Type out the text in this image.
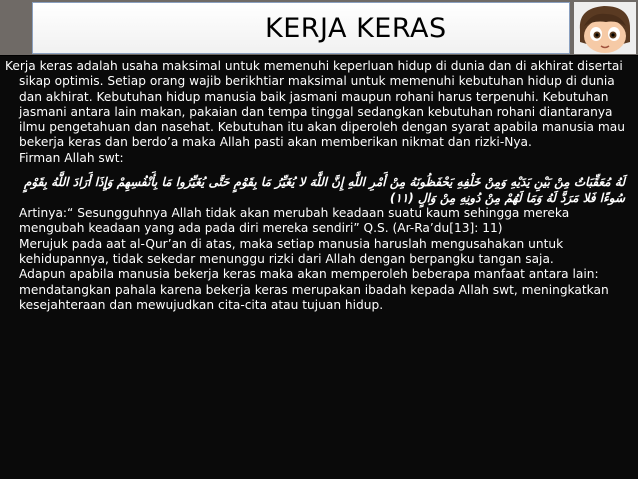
KERJA KERAS

Kerja keras adalah usaha maksimal untuk memenuhi keperluan hidup di dunia dan di akhirat disertai sikap optimis. Setiap orang wajib berikhtiar maksimal untuk memenuhi kebutuhan hidup di dunia dan akhirat. Kebutuhan hidup manusia baik jasmani maupun rohani harus terpenuhi. Kebutuhan jasmani antara lain makan, pakaian dan tempa tinggal sedangkan kebutuhan rohani diantaranya ilmu pengetahuan dan nasehat. Kebutuhan itu akan diperoleh dengan syarat apabila manusia mau bekerja keras dan berdo’a maka Allah pasti akan memberikan nikmat dan rizki-Nya.

Firman Allah swt:

لَهُ مُعَقِّبَاتٌ مِنْ بَيْنِ يَدَيْهِ وَمِنْ خَلْفِهِ يَحْفَظُونَهُ مِنْ أَمْرِ اللَّهِ إِنَّ اللَّهَ لا يُغَيِّرُ مَا بِقَوْمٍ حَتَّى يُغَيِّرُوا مَا بِأَنْفُسِهِمْ وَإِذَا أَرَادَ اللَّهُ بِقَوْمٍ سُوءًا فَلا مَرَدَّ لَهُ وَمَا لَهُمْ مِنْ دُونِهِ مِنْ وَالٍ (١١)

Artinya:“ Sesungguhnya Allah tidak akan merubah keadaan suatu kaum sehingga mereka mengubah keadaan yang ada pada diri mereka sendiri” Q.S. (Ar-Ra’du[13]: 11)

Merujuk pada aat al-Qur’an di atas, maka setiap manusia haruslah mengusahakan untuk kehidupannya, tidak sekedar menunggu rizki dari Allah dengan berpangku tangan saja.

Adapun apabila manusia bekerja keras maka akan memperoleh beberapa manfaat antara lain: mendatangkan pahala karena bekerja keras merupakan ibadah kepada Allah swt, meningkatkan kesejahteraan dan mewujudkan cita-cita atau tujuan hidup.
